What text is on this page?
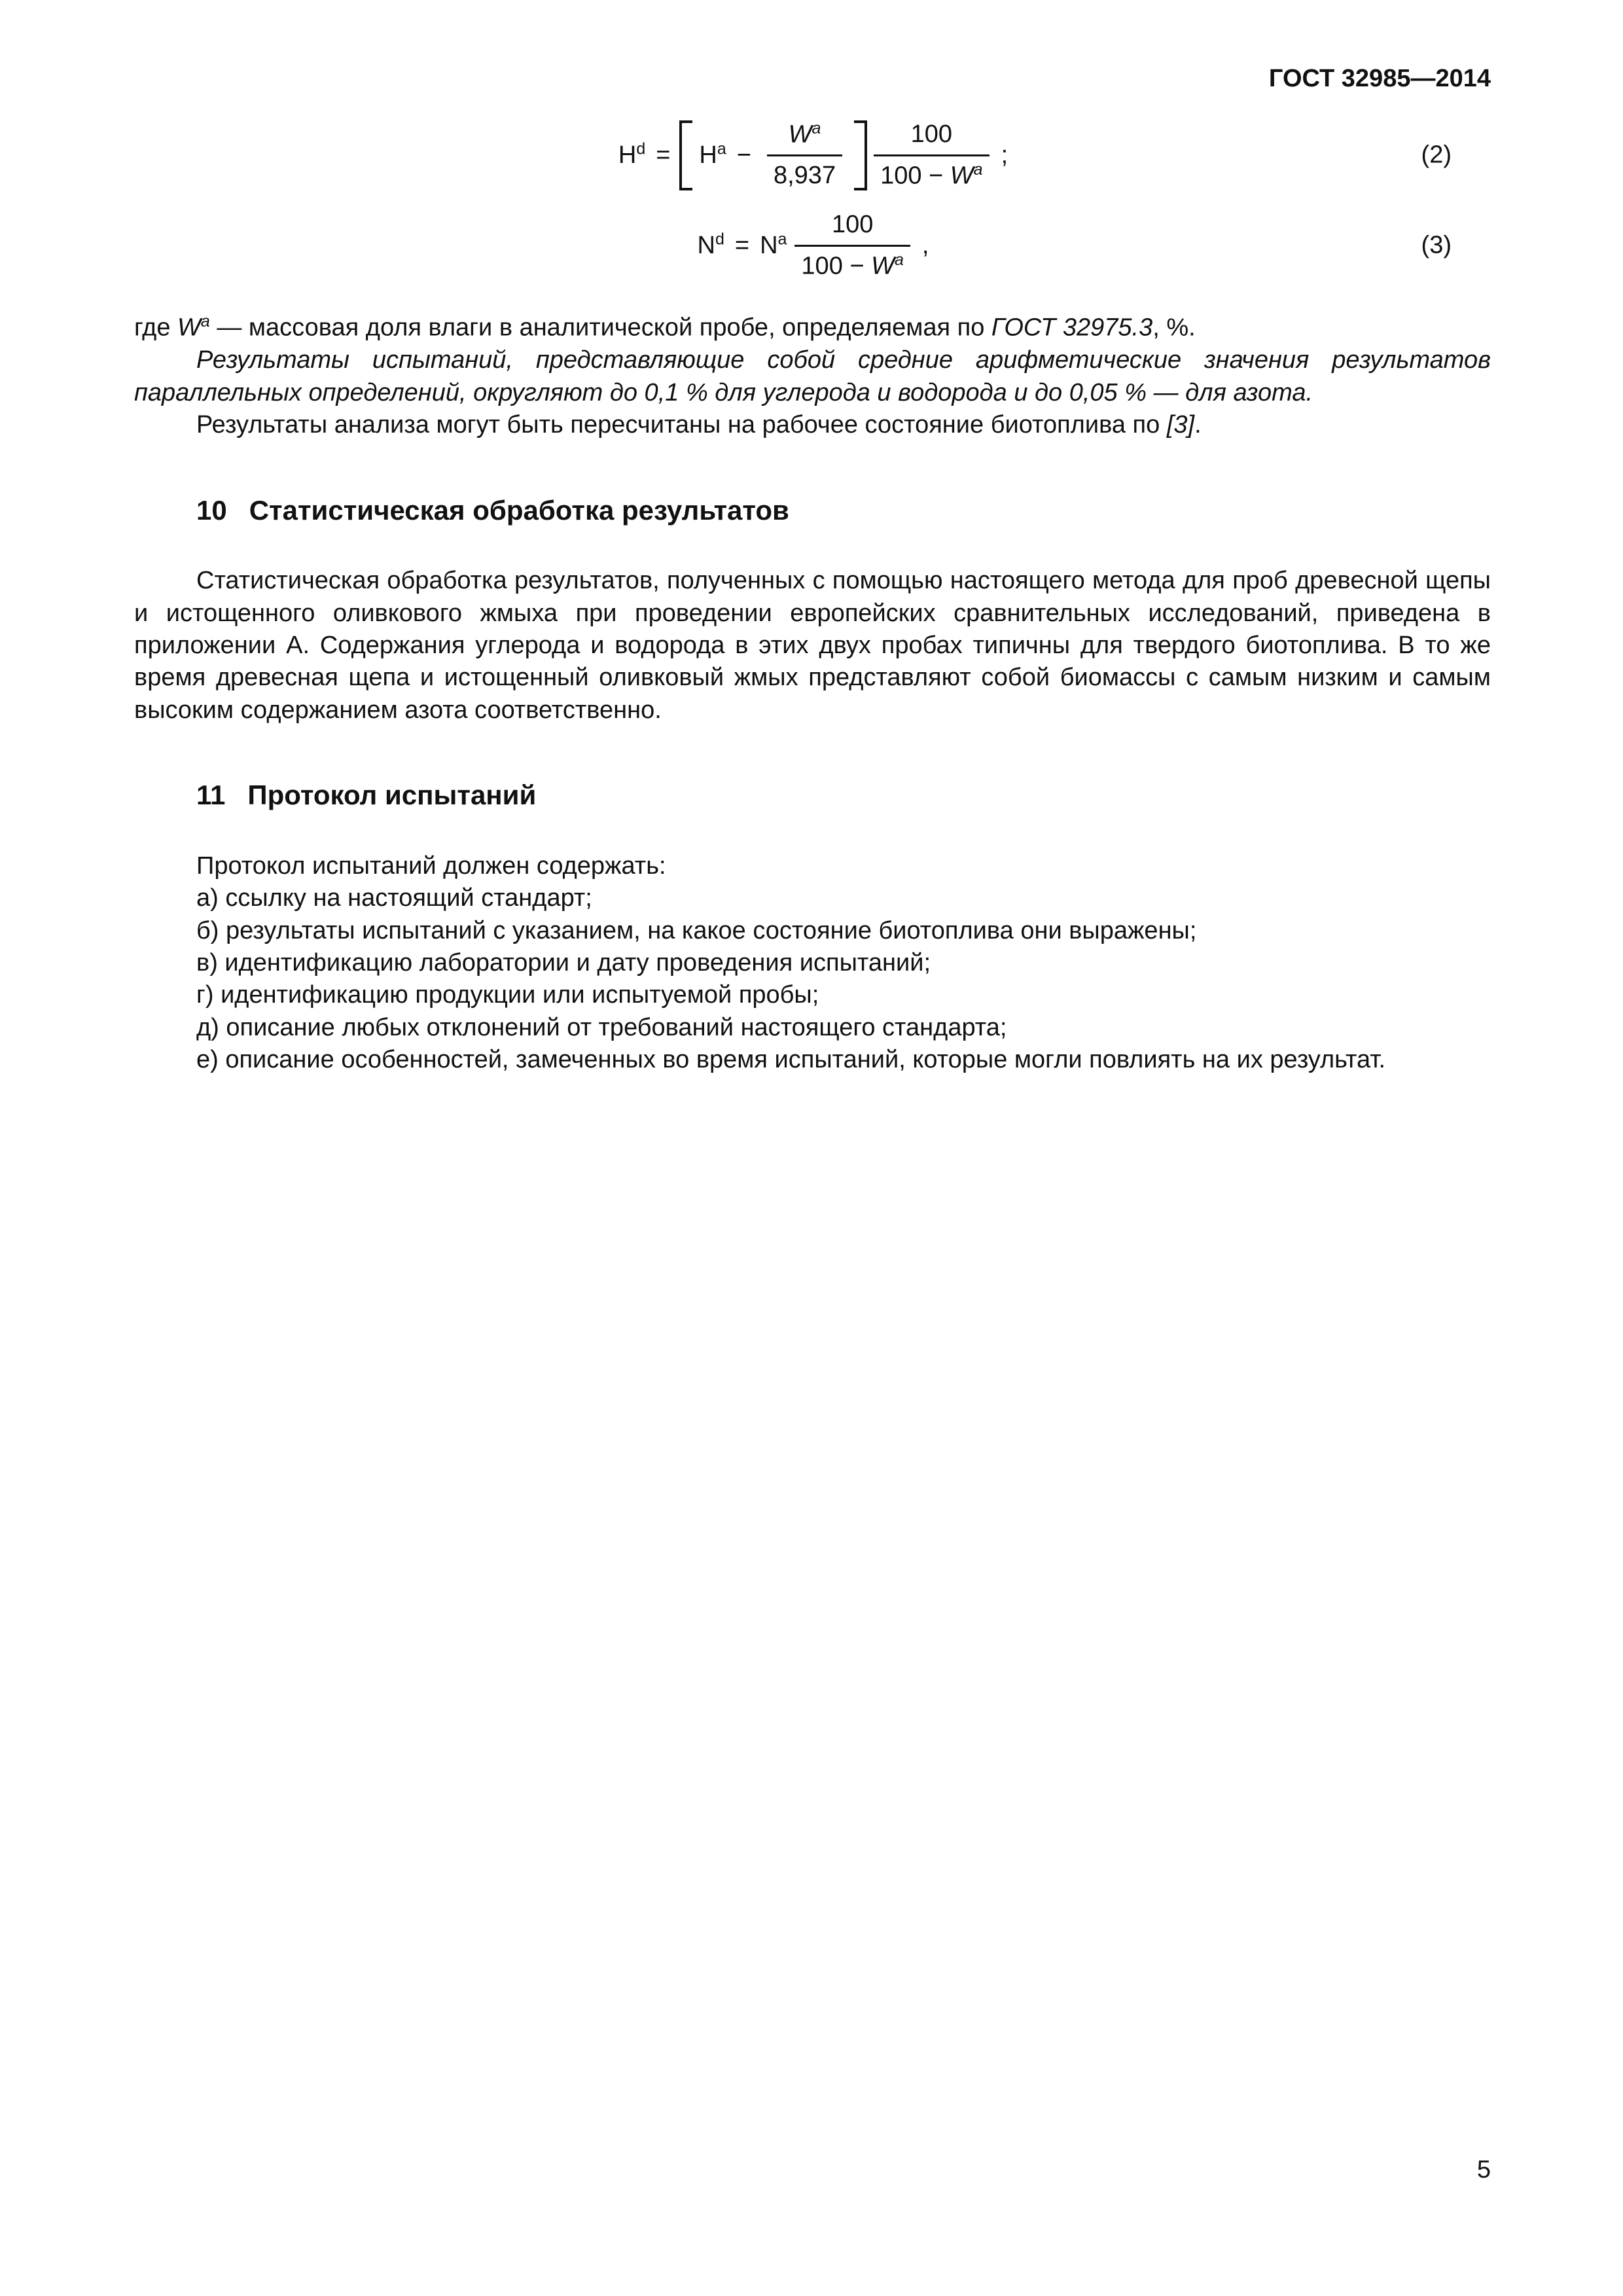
ГОСТ 32985—2014
$H^d = H^a - \frac{W^a}{8,937} \frac{100}{100 - W^a}$ ;	(2)
$N^d = N^a \frac{100}{100 - W^a}$ ,	(3)

где $W^a$ — массовая доля влаги в аналитической пробе, определяемая по ГОСТ 32975.3, %.

Результаты испытаний, представляющие собой средние арифметические значения результатов параллельных определений, округляют до 0,1 % для углерода и водорода и до 0,05 % — для азота.

Результаты анализа могут быть пересчитаны на рабочее состояние биотоплива по [3].

10 Статистическая обработка результатов

Статистическая обработка результатов, полученных с помощью настоящего метода для проб древесной щепы и истощенного оливкового жмыха при проведении европейских сравнительных исследований, приведена в приложении А. Содержания углерода и водорода в этих двух пробах типичны для твердого биотоплива. В то же время древесная щепа и истощенный оливковый жмых представляют собой биомассы с самым низким и самым высоким содержанием азота соответственно.

11 Протокол испытаний

Протокол испытаний должен содержать:

а) ссылку на настоящий стандарт;

б) результаты испытаний с указанием, на какое состояние биотоплива они выражены;

в) идентификацию лаборатории и дату проведения испытаний;

г) идентификацию продукции или испытуемой пробы;

д) описание любых отклонений от требований настоящего стандарта;

е) описание особенностей, замеченных во время испытаний, которые могли повлиять на их результат.

5
